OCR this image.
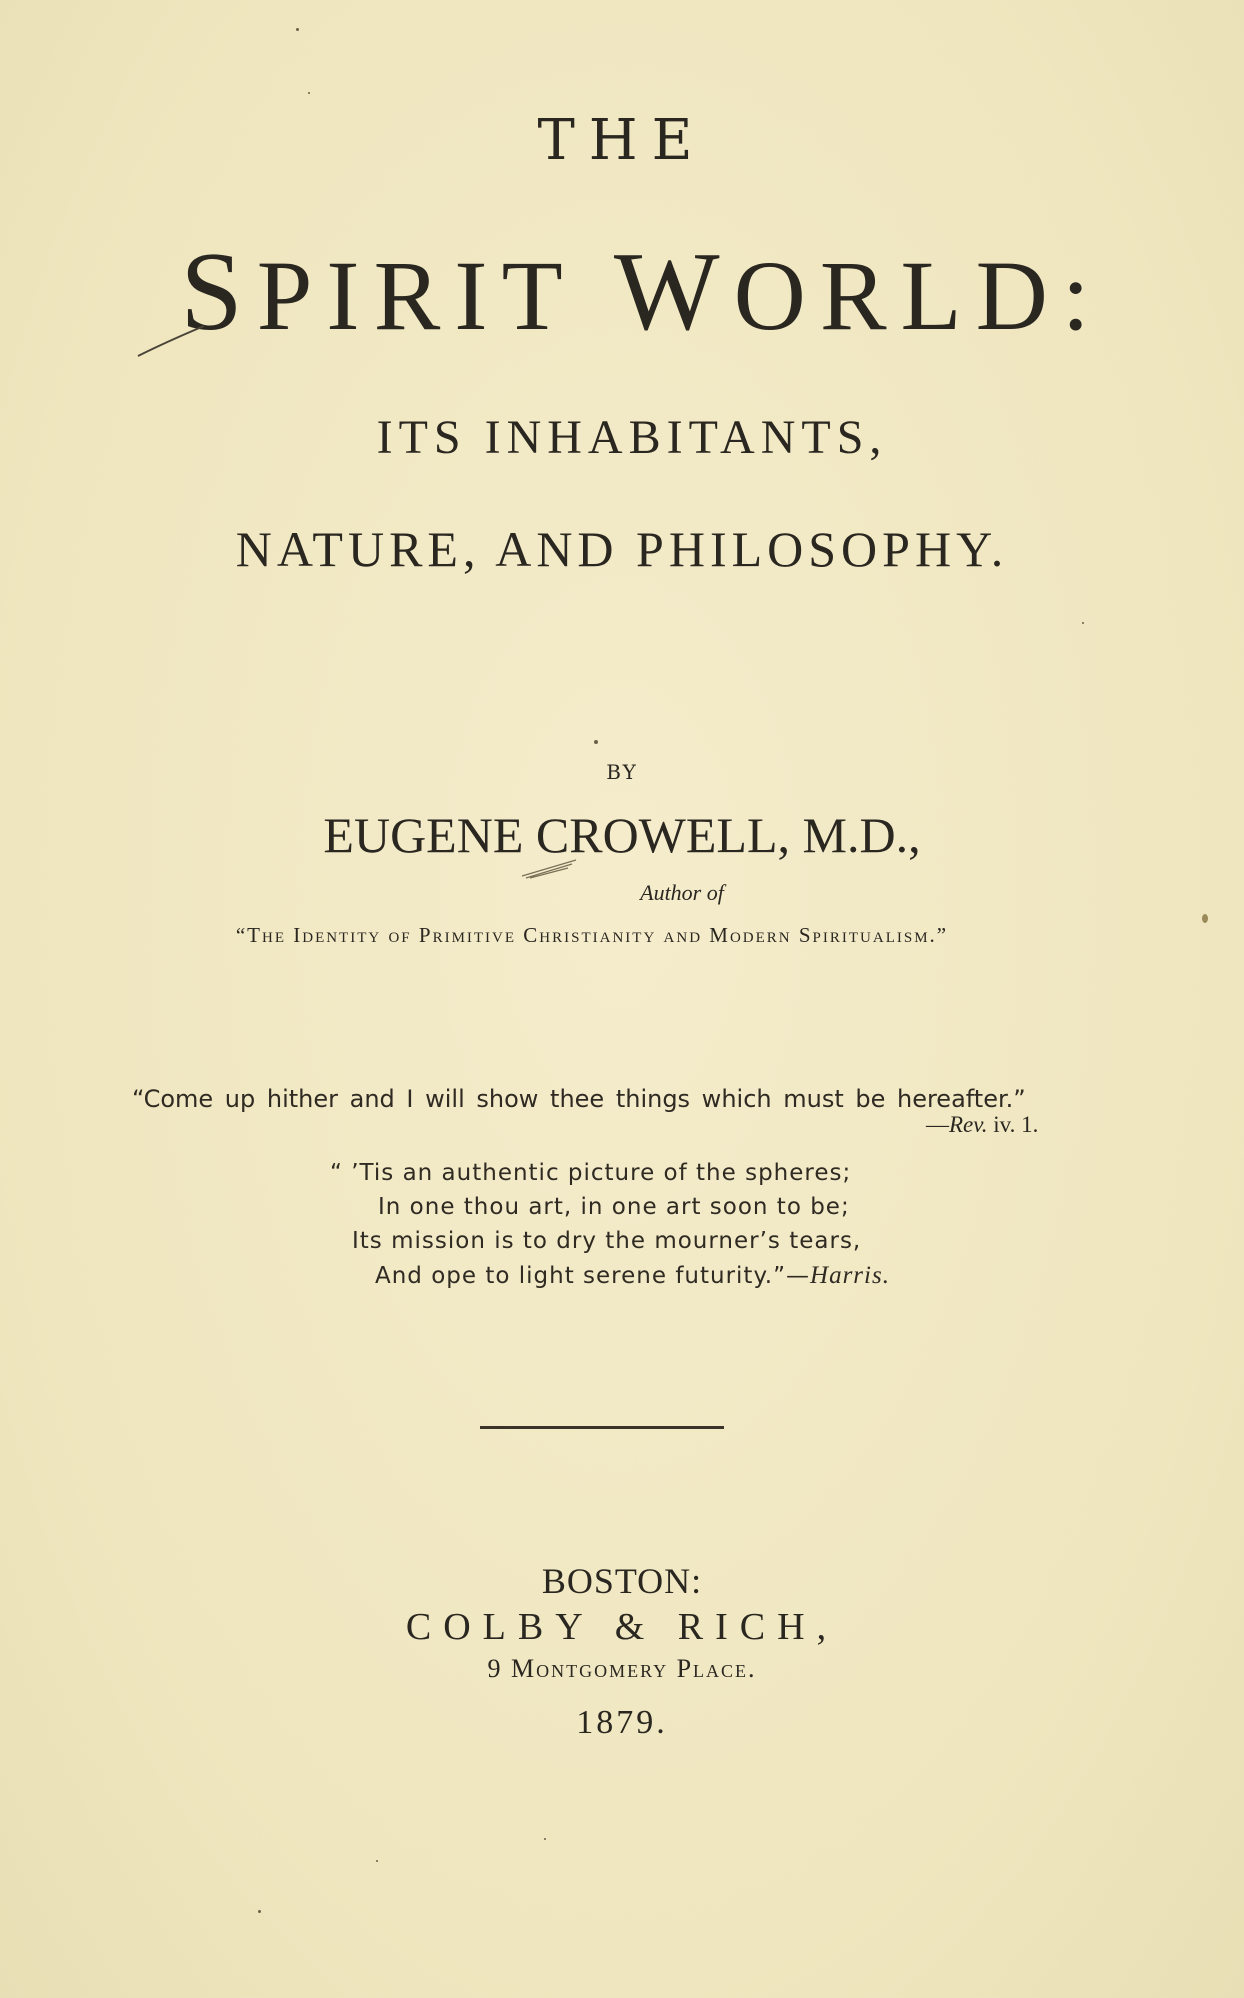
THE
SPIRIT WORLD:
ITS INHABITANTS,
NATURE, AND PHILOSOPHY.
BY
EUGENE CROWELL, M.D.,
Author of
“The Identity of Primitive Christianity and Modern Spiritualism.”
“Come up hither and I will show thee things which must be hereafter.”
—Rev. iv. 1.
“ ’Tis an authentic picture of the spheres;
In one thou art, in one art soon to be;
Its mission is to dry the mourner’s tears,
And ope to light serene futurity.”—Harris.
BOSTON:
COLBY & RICH,
9 Montgomery Place.
1879.
